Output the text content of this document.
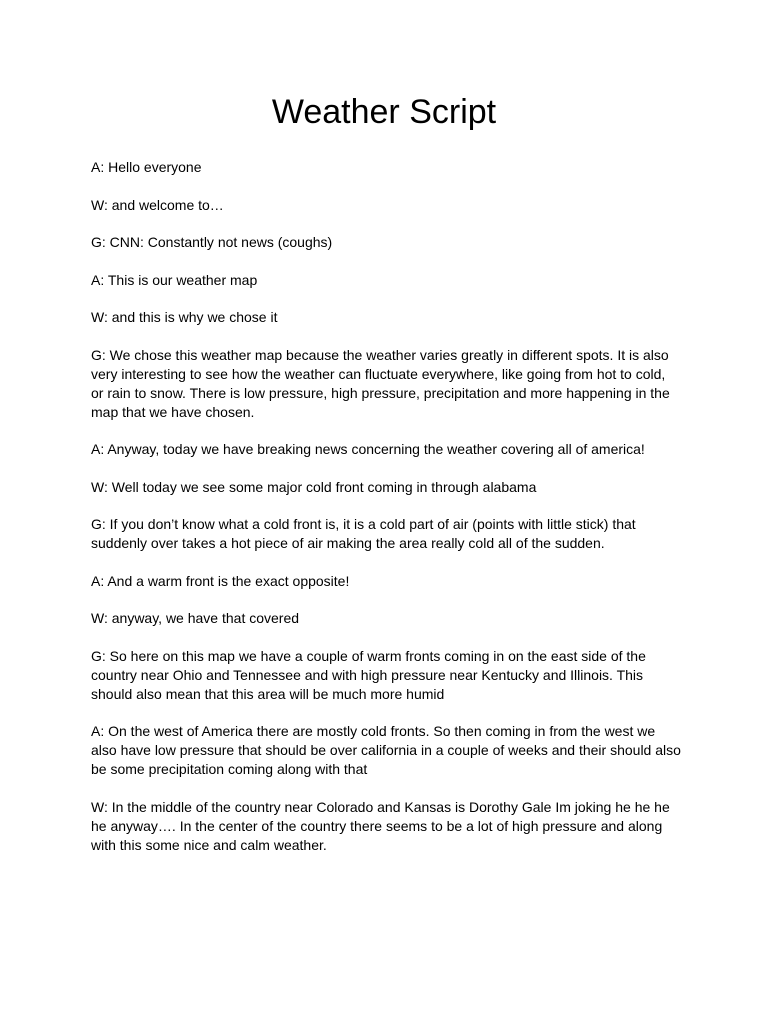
Weather Script

A: Hello everyone

W: and welcome to…

G: CNN: Constantly not news (coughs)

A: This is our weather map

W: and this is why we chose it

G: We chose this weather map because the weather varies greatly in different spots. It is also very interesting to see how the weather can fluctuate everywhere, like going from hot to cold, or rain to snow. There is low pressure, high pressure, precipitation and more happening in the map that we have chosen.

A: Anyway, today we have breaking news concerning the weather covering all of america!

W: Well today we see some major cold front coming in through alabama

G: If you don’t know what a cold front is, it is a cold part of air (points with little stick) that suddenly over takes a hot piece of air making the area really cold all of the sudden.

A: And a warm front is the exact opposite!

W: anyway, we have that covered

G: So here on this map we have a couple of warm fronts coming in on the east side of the country near Ohio and Tennessee and with high pressure near Kentucky and Illinois. This should also mean that this area will be much more humid

A: On the west of America there are mostly cold fronts. So then coming in from the west we also have low pressure that should be over california in a couple of weeks and their should also be some precipitation coming along with that

W: In the middle of the country near Colorado and Kansas is Dorothy Gale Im joking he he he he anyway…. In the center of the country there seems to be a lot of high pressure and along with this some nice and calm weather.
